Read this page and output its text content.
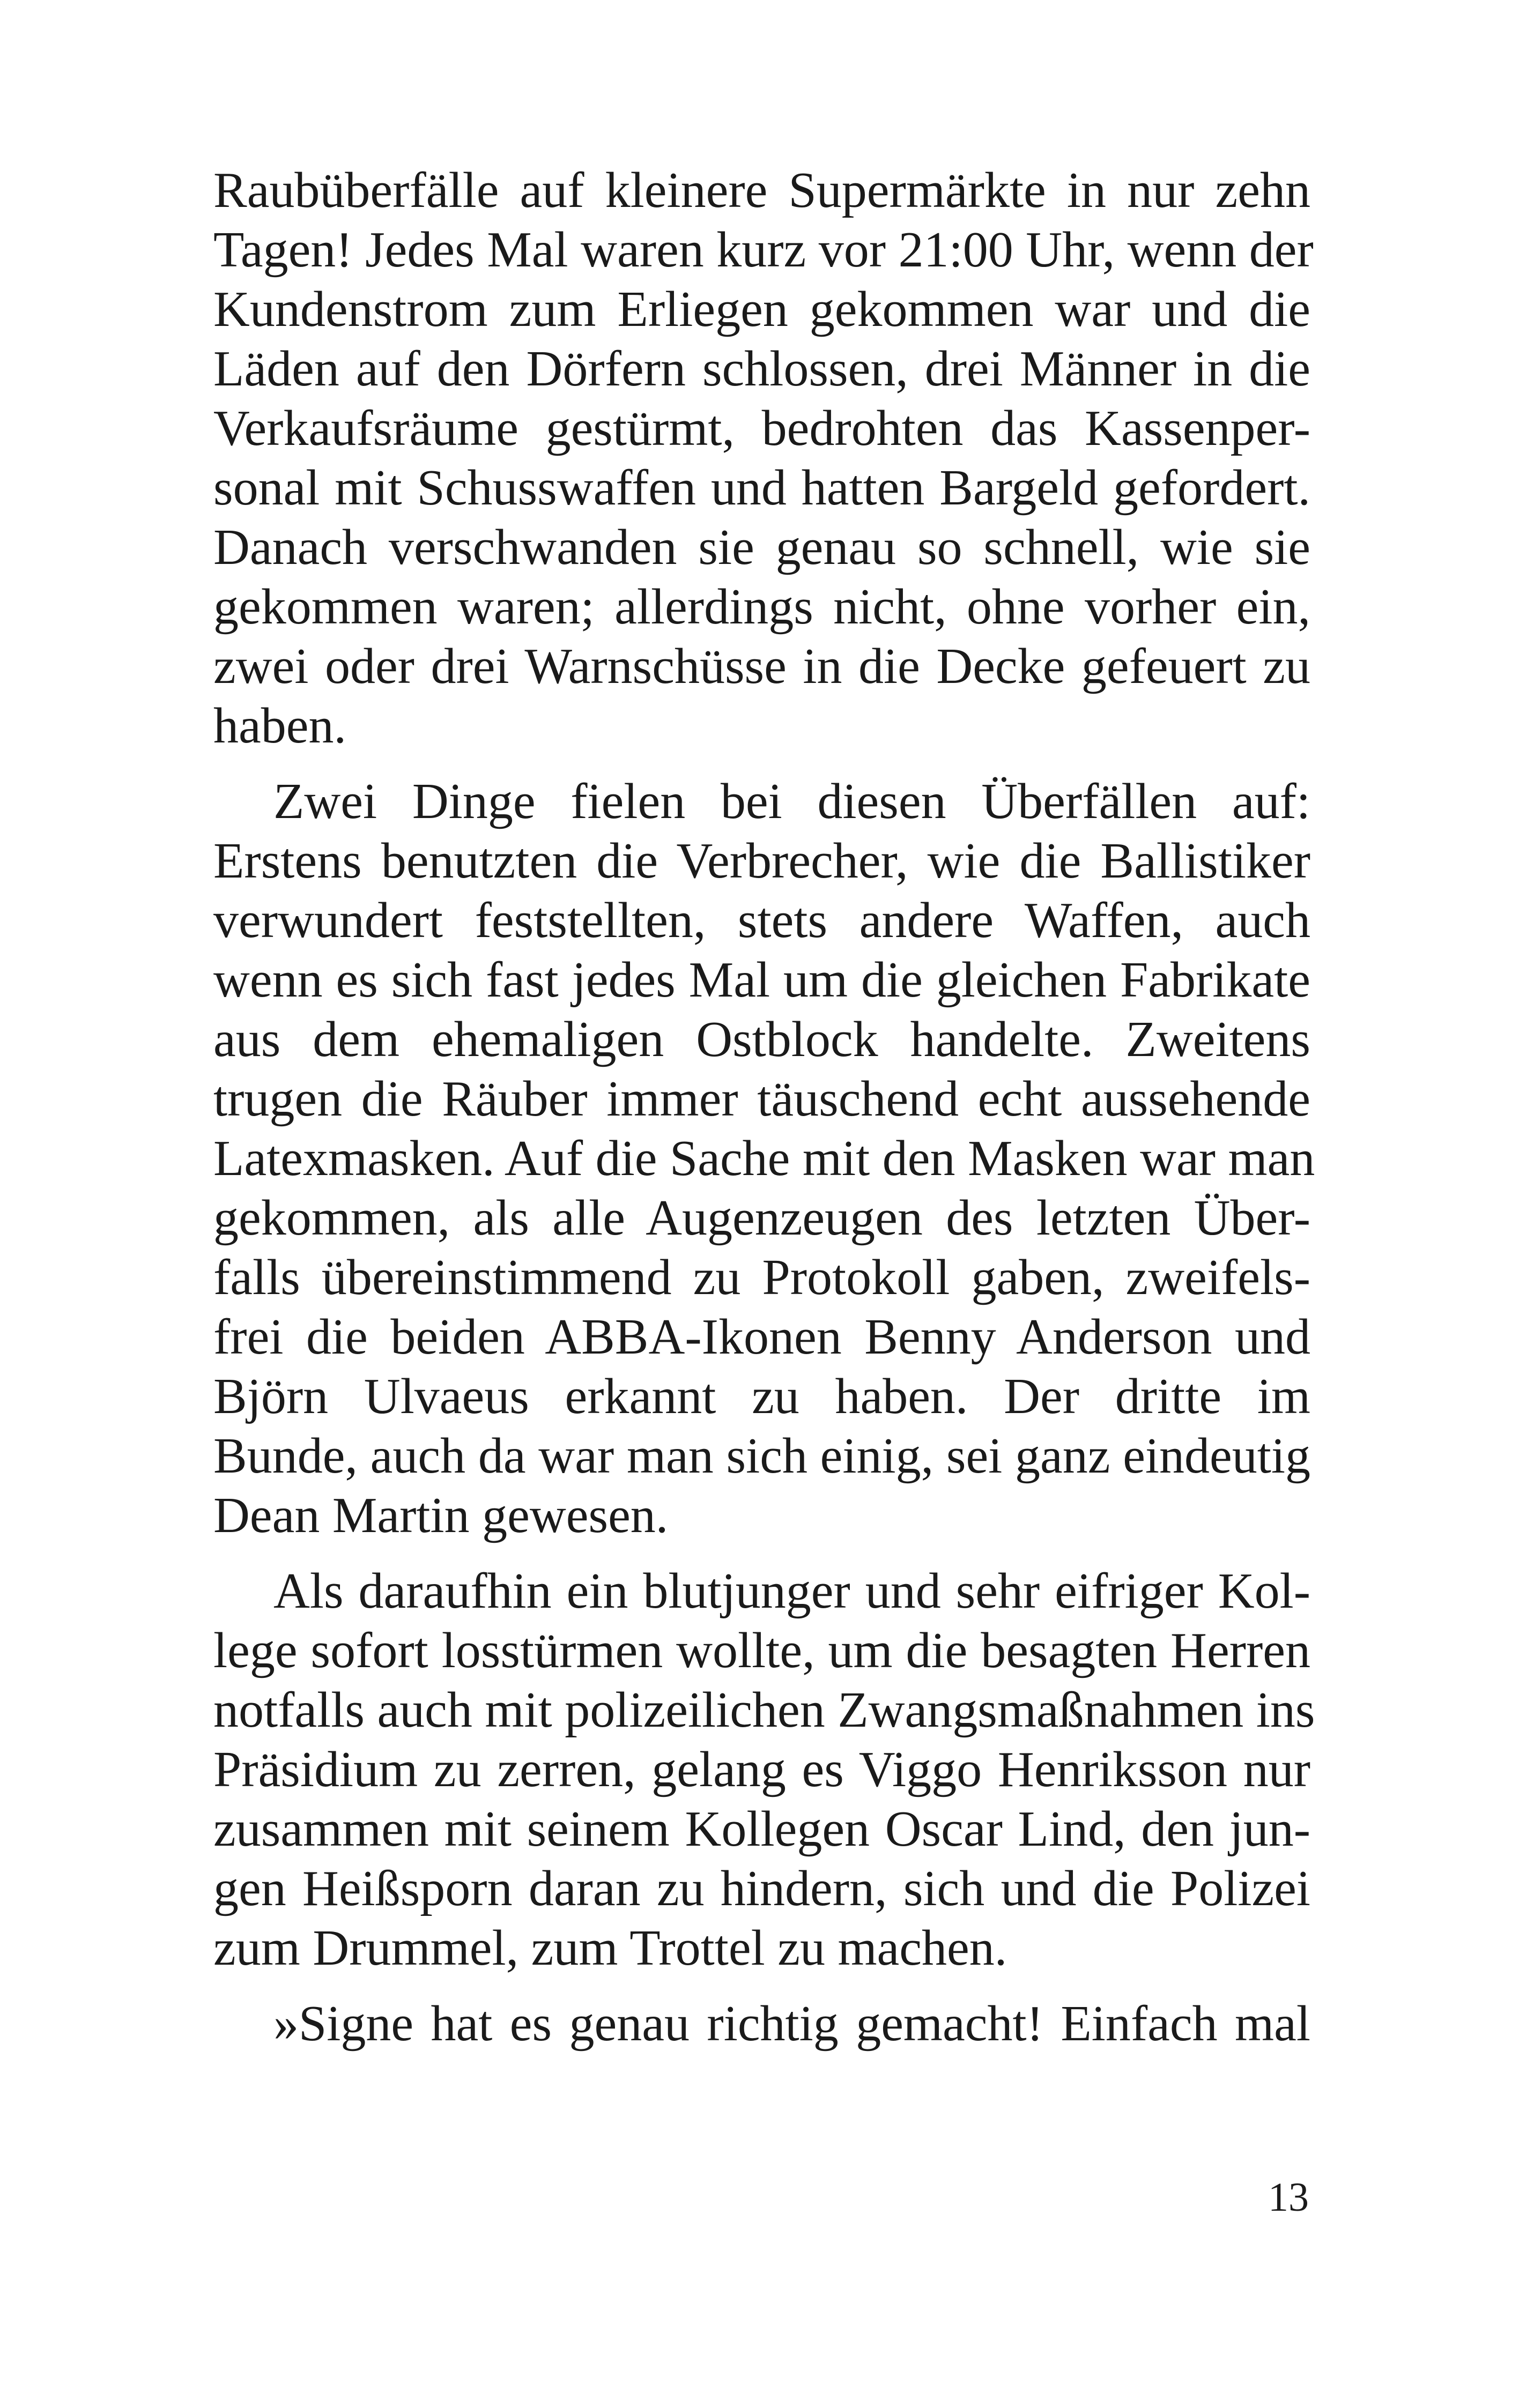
Raubüberfälle auf kleinere Supermärkte in nur zehn
Tagen! Jedes Mal waren kurz vor 21:00 Uhr, wenn der
Kundenstrom zum Erliegen gekommen war und die
Läden auf den Dörfern schlossen, drei Männer in die
Verkaufsräume gestürmt, bedrohten das Kassenper-
sonal mit Schusswaffen und hatten Bargeld gefordert.
Danach verschwanden sie genau so schnell, wie sie
gekommen waren; allerdings nicht, ohne vorher ein,
zwei oder drei Warnschüsse in die Decke gefeuert zu
haben.
Zwei Dinge fielen bei diesen Überfällen auf:
Erstens benutzten die Verbrecher, wie die Ballistiker
verwundert feststellten, stets andere Waffen, auch
wenn es sich fast jedes Mal um die gleichen Fabrikate
aus dem ehemaligen Ostblock handelte. Zweitens
trugen die Räuber immer täuschend echt aussehende
Latexmasken. Auf die Sache mit den Masken war man
gekommen, als alle Augenzeugen des letzten Über-
falls übereinstimmend zu Protokoll gaben, zweifels-
frei die beiden ABBA-Ikonen Benny Anderson und
Björn Ulvaeus erkannt zu haben. Der dritte im
Bunde, auch da war man sich einig, sei ganz eindeutig
Dean Martin gewesen.
Als daraufhin ein blutjunger und sehr eifriger Kol-
lege sofort losstürmen wollte, um die besagten Herren
notfalls auch mit polizeilichen Zwangsmaßnahmen ins
Präsidium zu zerren, gelang es Viggo Henriksson nur
zusammen mit seinem Kollegen Oscar Lind, den jun-
gen Heißsporn daran zu hindern, sich und die Polizei
zum Drummel, zum Trottel zu machen.
»Signe hat es genau richtig gemacht! Einfach mal
13
